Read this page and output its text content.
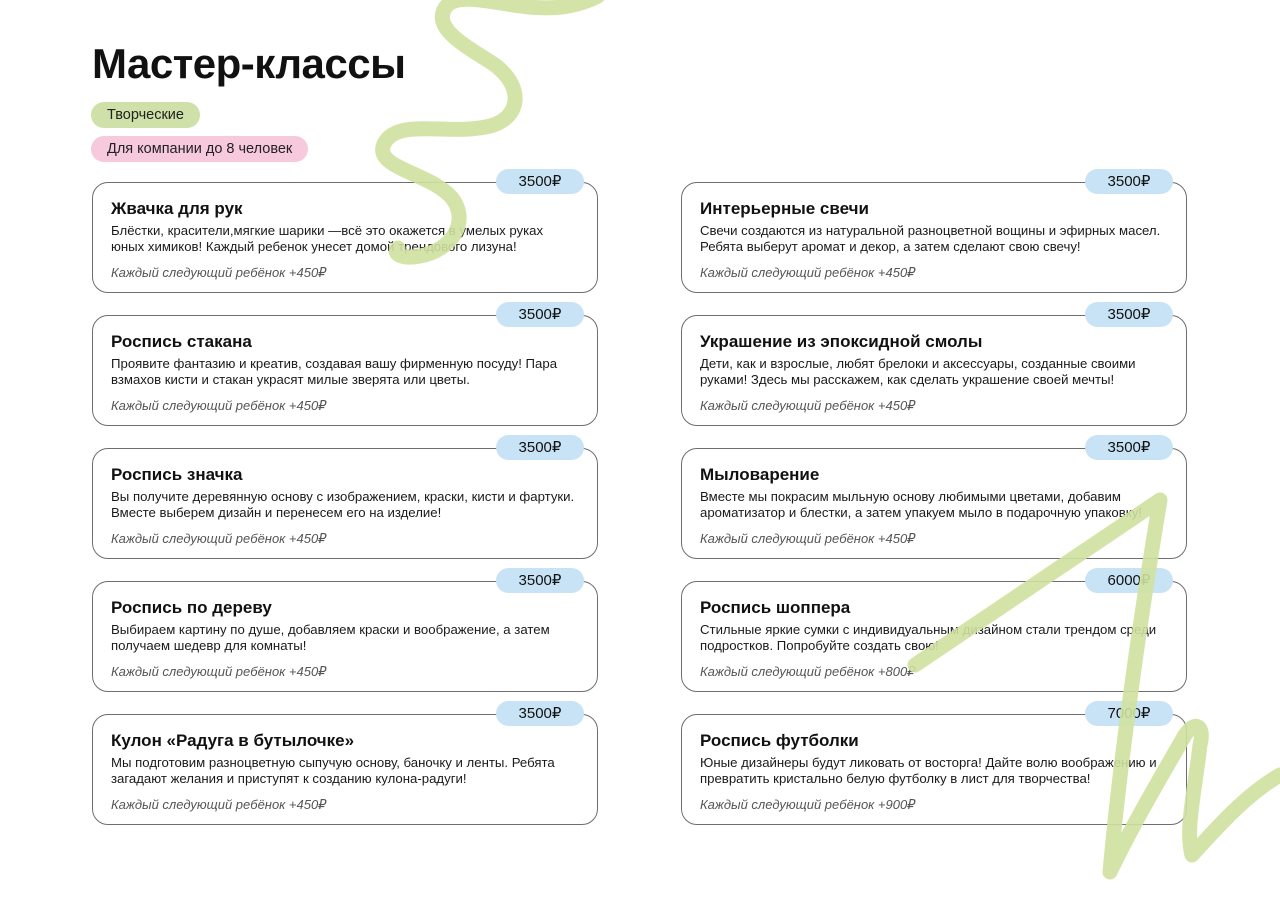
Мастер-классы
Творческие
Для компании до 8 человек
3500₽
Жвачка для рук

Блёстки, красители,мягкие шарики —всё это окажется в умелых руках юных химиков! Каждый ребенок унесет домой трендового лизуна!

Каждый следующий ребёнок +450₽

3500₽
Интерьерные свечи

Свечи создаются из натуральной разноцветной вощины и эфирных масел. Ребята выберут аромат и декор, а затем сделают свою свечу!

Каждый следующий ребёнок +450₽

3500₽
Роспись стакана

Проявите фантазию и креатив, создавая вашу фирменную посуду! Пара взмахов кисти и стакан украсят милые зверята или цветы.

Каждый следующий ребёнок +450₽

3500₽
Украшение из эпоксидной смолы

Дети, как и взрослые, любят брелоки и аксессуары, созданные своими руками! Здесь мы расскажем, как сделать украшение своей мечты!

Каждый следующий ребёнок +450₽

3500₽
Роспись значка

Вы получите деревянную основу с изображением, краски, кисти и фартуки. Вместе выберем дизайн и перенесем его на изделие!

Каждый следующий ребёнок +450₽

3500₽
Мыловарение

Вместе мы покрасим мыльную основу любимыми цветами, добавим ароматизатор и блестки, а затем упакуем мыло в подарочную упаковку!

Каждый следующий ребёнок +450₽

3500₽
Роспись по дереву

Выбираем картину по душе, добавляем краски и воображение, а затем получаем шедевр для комнаты!

Каждый следующий ребёнок +450₽

6000₽
Роспись шоппера

Стильные яркие сумки с индивидуальным дизайном стали трендом среди подростков. Попробуйте создать свою!

Каждый следующий ребёнок +800₽

3500₽
Кулон «Радуга в бутылочке»

Мы подготовим разноцветную сыпучую основу, баночку и ленты. Ребята загадают желания и приступят к созданию кулона-радуги!

Каждый следующий ребёнок +450₽

7000₽
Роспись футболки

Юные дизайнеры будут ликовать от восторга! Дайте волю воображению и превратить кристально белую футболку в лист для творчества!

Каждый следующий ребёнок +900₽
